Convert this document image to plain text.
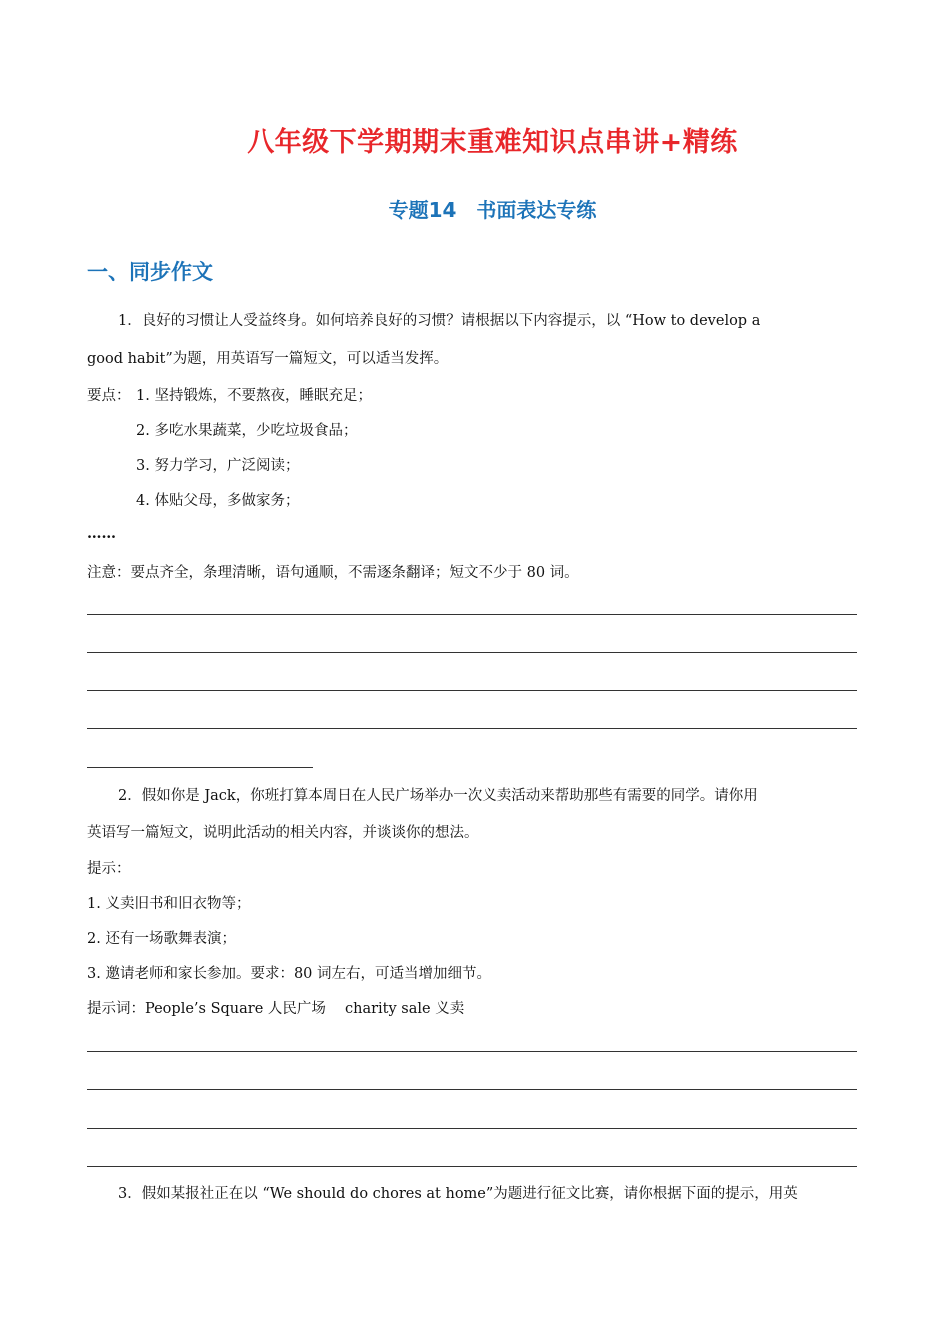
八年级下学期期末重难知识点串讲+精练
专题14　书面表达专练
一、同步作文
1．良好的习惯让人受益终身。如何培养良好的习惯？请根据以下内容提示，以 “How to develop a
good habit”为题，用英语写一篇短文，可以适当发挥。
要点： 1. 坚持锻炼，不要熬夜，睡眠充足；
2. 多吃水果蔬菜，少吃垃圾食品；
3. 努力学习，广泛阅读；
4. 体贴父母，多做家务；
……
注意：要点齐全，条理清晰，语句通顺，不需逐条翻译；短文不少于 80 词。
2．假如你是 Jack，你班打算本周日在人民广场举办一次义卖活动来帮助那些有需要的同学。请你用
英语写一篇短文，说明此活动的相关内容，并谈谈你的想法。
提示：
1. 义卖旧书和旧衣物等；
2. 还有一场歌舞表演；
3. 邀请老师和家长参加。要求：80 词左右，可适当增加细节。
提示词：People’s Square 人民广场　 charity sale 义卖
3．假如某报社正在以 “We should do chores at home”为题进行征文比赛，请你根据下面的提示，用英
